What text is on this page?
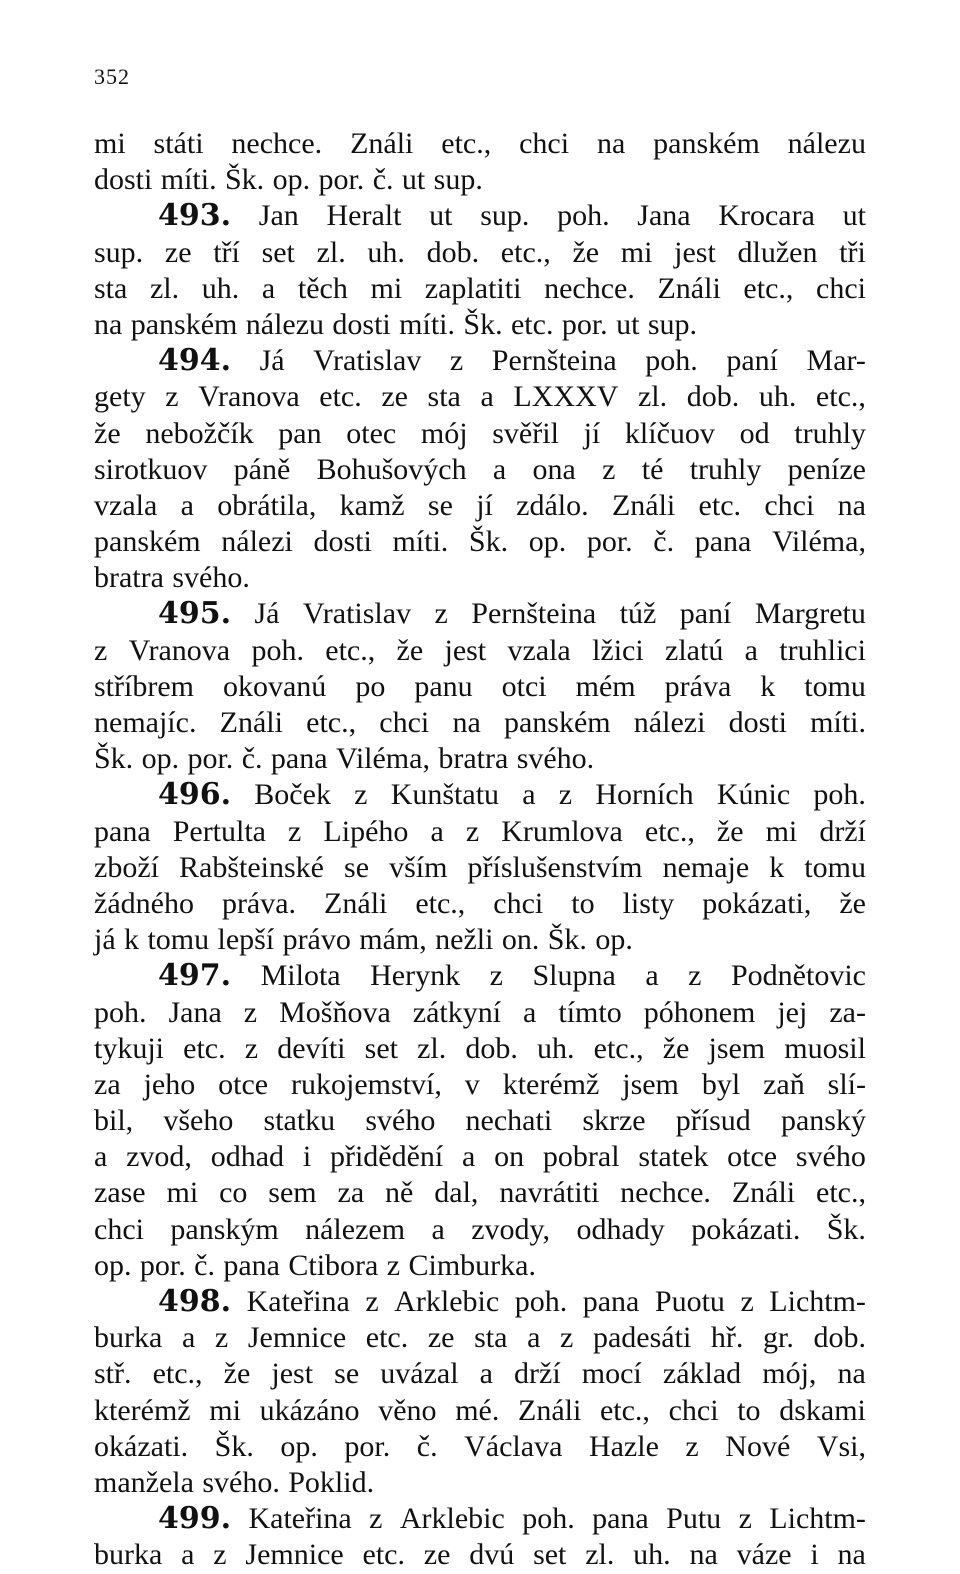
352
mi státi nechce. Ználi etc., chci na panském nálezu
dosti míti. Šk. op. por. č. ut sup.
493. Jan Heralt ut sup. poh. Jana Krocara ut
sup. ze tří set zl. uh. dob. etc., že mi jest dlužen tři
sta zl. uh. a těch mi zaplatiti nechce. Ználi etc., chci
na panském nálezu dosti míti. Šk. etc. por. ut sup.
494. Já Vratislav z Pernšteina poh. paní Mar-
gety z Vranova etc. ze sta a LXXXV zl. dob. uh. etc.,
že nebožčík pan otec mój svěřil jí klíčuov od truhly
sirotkuov páně Bohušových a ona z té truhly peníze
vzala a obrátila, kamž se jí zdálo. Ználi etc. chci na
panském nálezi dosti míti. Šk. op. por. č. pana Viléma,
bratra svého.
495. Já Vratislav z Pernšteina túž paní Margretu
z Vranova poh. etc., že jest vzala lžici zlatú a truhlici
stříbrem okovanú po panu otci mém práva k tomu
nemajíc. Ználi etc., chci na panském nálezi dosti míti.
Šk. op. por. č. pana Viléma, bratra svého.
496. Boček z Kunštatu a z Horních Kúnic poh.
pana Pertulta z Lipého a z Krumlova etc., že mi drží
zboží Rabšteinské se vším příslušenstvím nemaje k tomu
žádného práva. Ználi etc., chci to listy pokázati, že
já k tomu lepší právo mám, nežli on. Šk. op.
497. Milota Herynk z Slupna a z Podnětovic
poh. Jana z Mošňova zátkyní a tímto póhonem jej za-
tykuji etc. z devíti set zl. dob. uh. etc., že jsem muosil
za jeho otce rukojemství, v kterémž jsem byl zaň slí-
bil, všeho statku svého nechati skrze přísud panský
a zvod, odhad i přidědění a on pobral statek otce svého
zase mi co sem za ně dal, navrátiti nechce. Ználi etc.,
chci panským nálezem a zvody, odhady pokázati. Šk.
op. por. č. pana Ctibora z Cimburka.
498. Kateřina z Arklebic poh. pana Puotu z Lichtm-
burka a z Jemnice etc. ze sta a z padesáti hř. gr. dob.
stř. etc., že jest se uvázal a drží mocí základ mój, na
kterémž mi ukázáno věno mé. Ználi etc., chci to dskami
okázati. Šk. op. por. č. Václava Hazle z Nové Vsi,
manžela svého. Poklid.
499. Kateřina z Arklebic poh. pana Putu z Lichtm-
burka a z Jemnice etc. ze dvú set zl. uh. na váze i na
